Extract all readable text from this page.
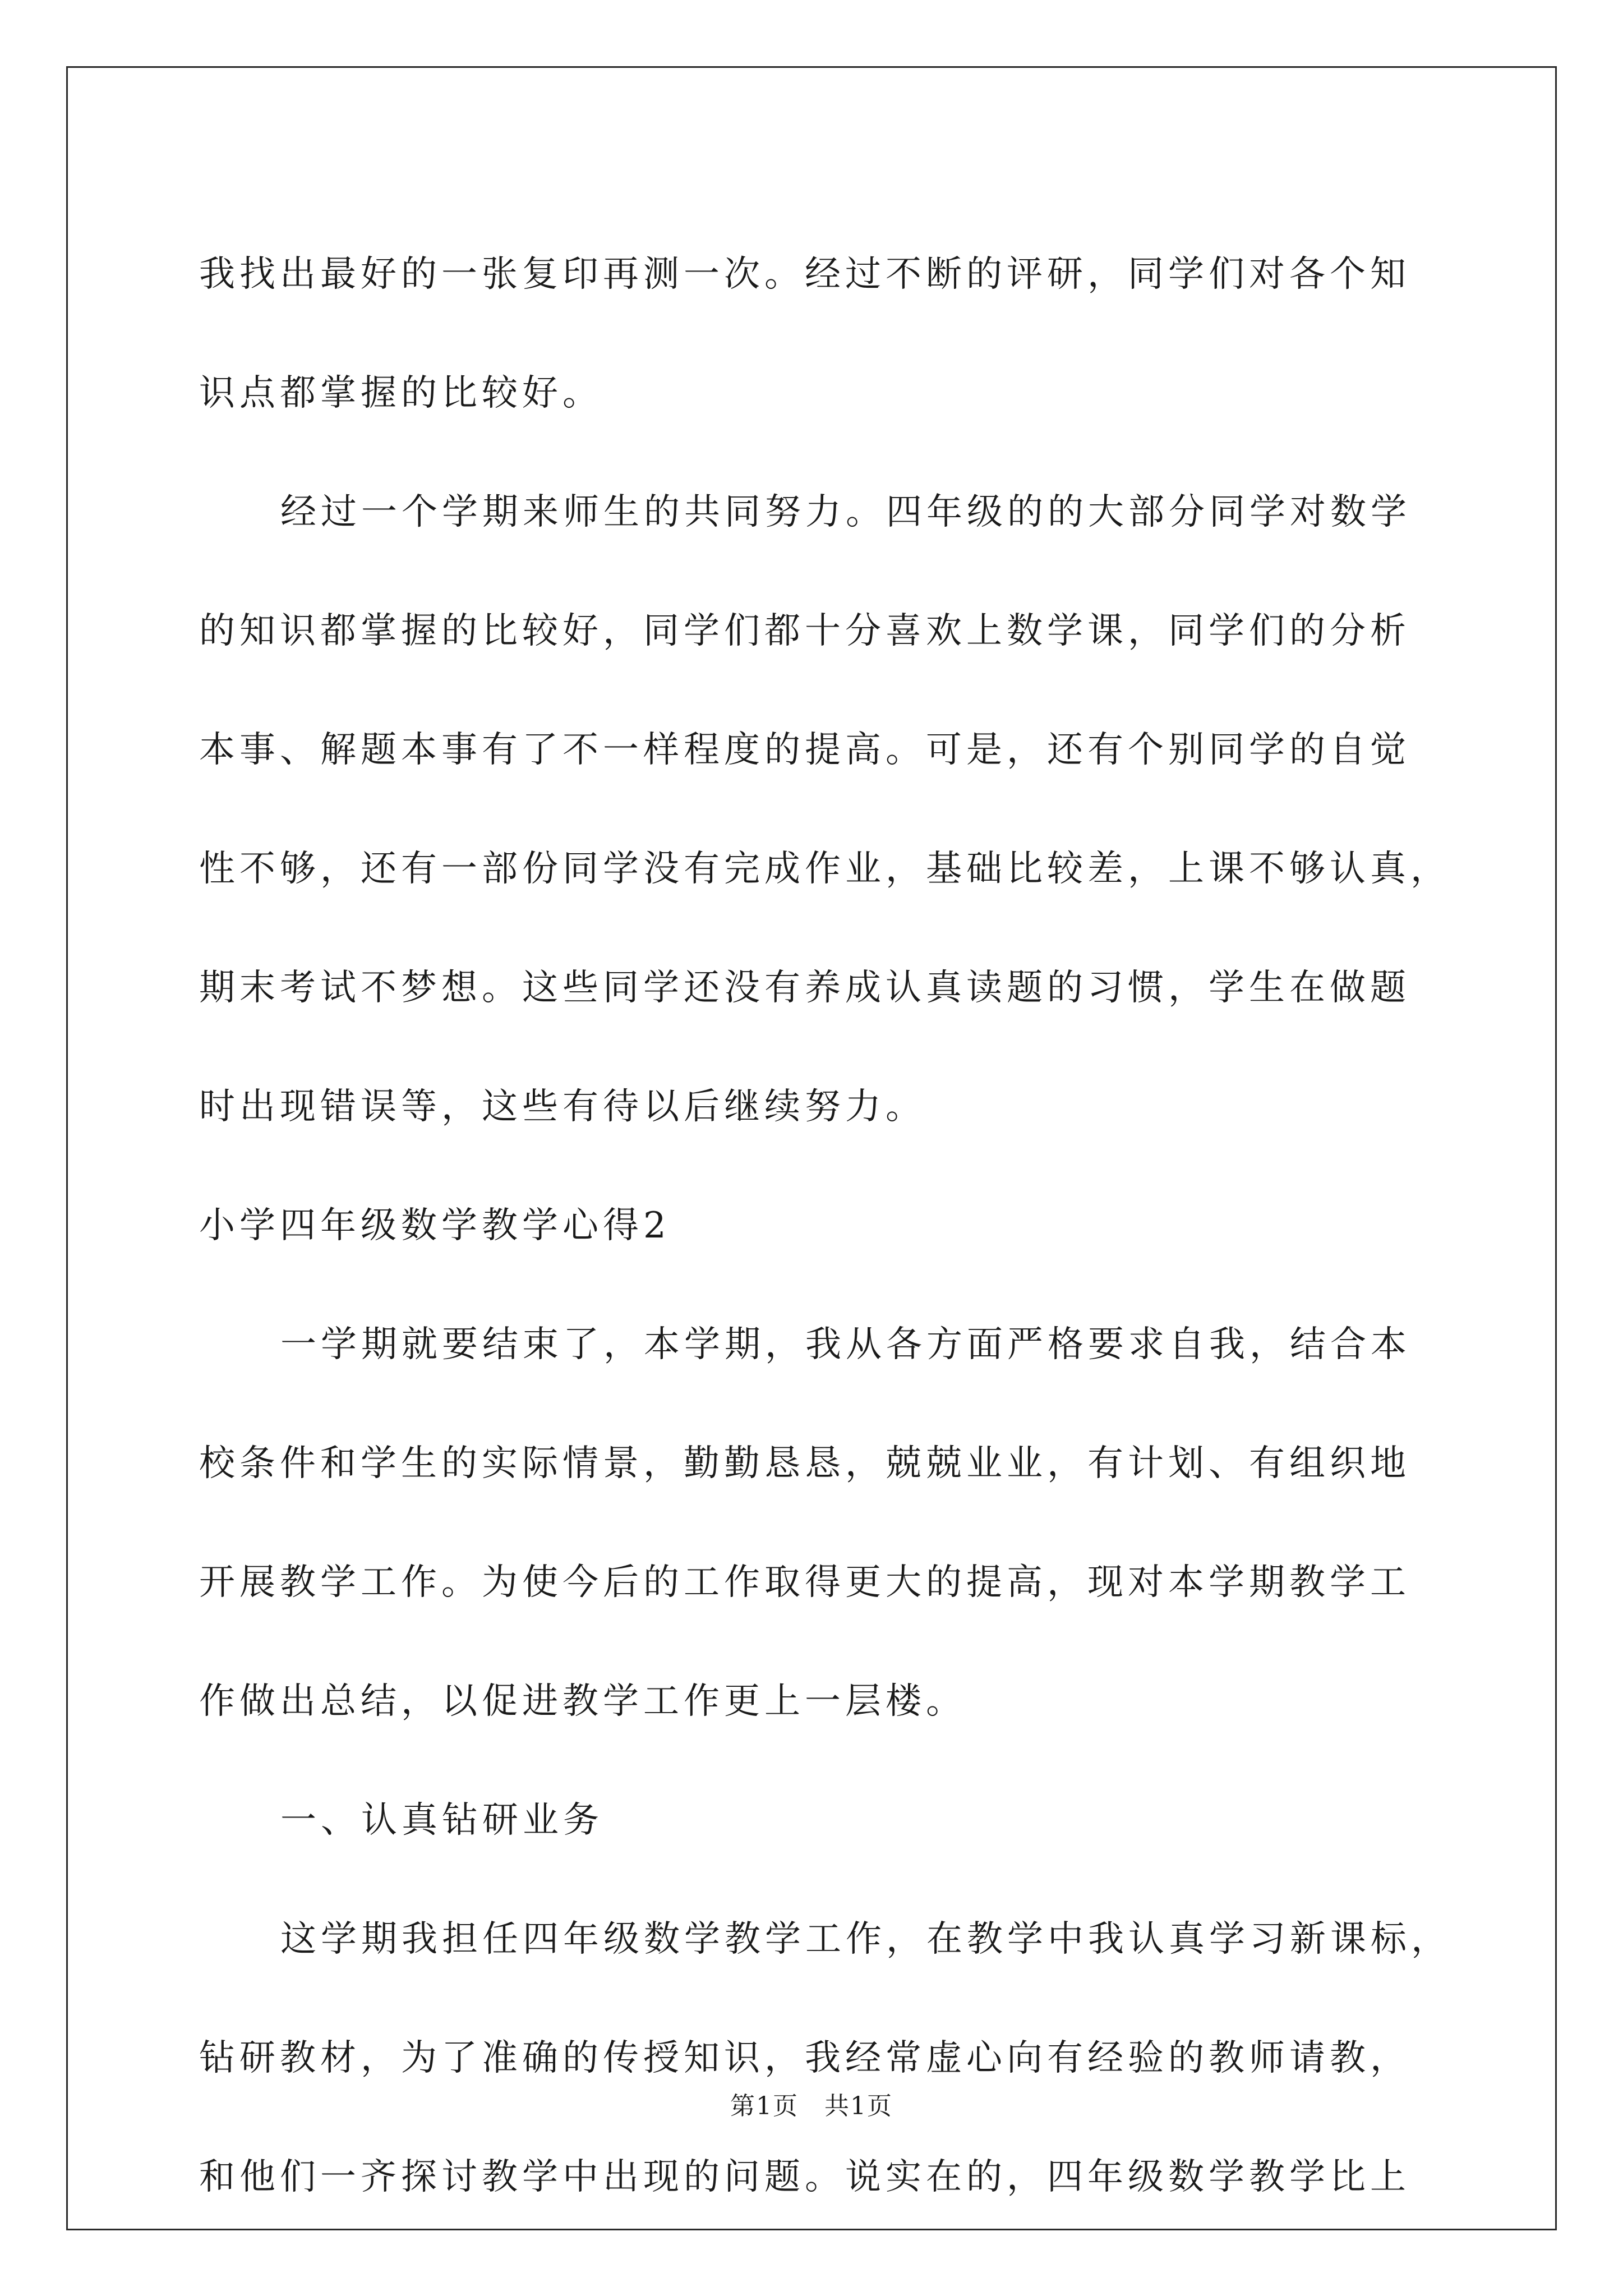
我找出最好的一张复印再测一次。经过不断的评研，同学们对各个知

识点都掌握的比较好。

经过一个学期来师生的共同努力。四年级的的大部分同学对数学

的知识都掌握的比较好，同学们都十分喜欢上数学课，同学们的分析

本事、解题本事有了不一样程度的提高。可是，还有个别同学的自觉

性不够，还有一部份同学没有完成作业，基础比较差，上课不够认真，

期末考试不梦想。这些同学还没有养成认真读题的习惯，学生在做题

时出现错误等，这些有待以后继续努力。

小学四年级数学教学心得2

一学期就要结束了，本学期，我从各方面严格要求自我，结合本

校条件和学生的实际情景，勤勤恳恳，兢兢业业，有计划、有组织地

开展教学工作。为使今后的工作取得更大的提高，现对本学期教学工

作做出总结，以促进教学工作更上一层楼。

一、认真钻研业务

这学期我担任四年级数学教学工作，在教学中我认真学习新课标，

钻研教材，为了准确的传授知识，我经常虚心向有经验的教师请教，

和他们一齐探讨教学中出现的问题。说实在的，四年级数学教学比上

第1页　共1页
